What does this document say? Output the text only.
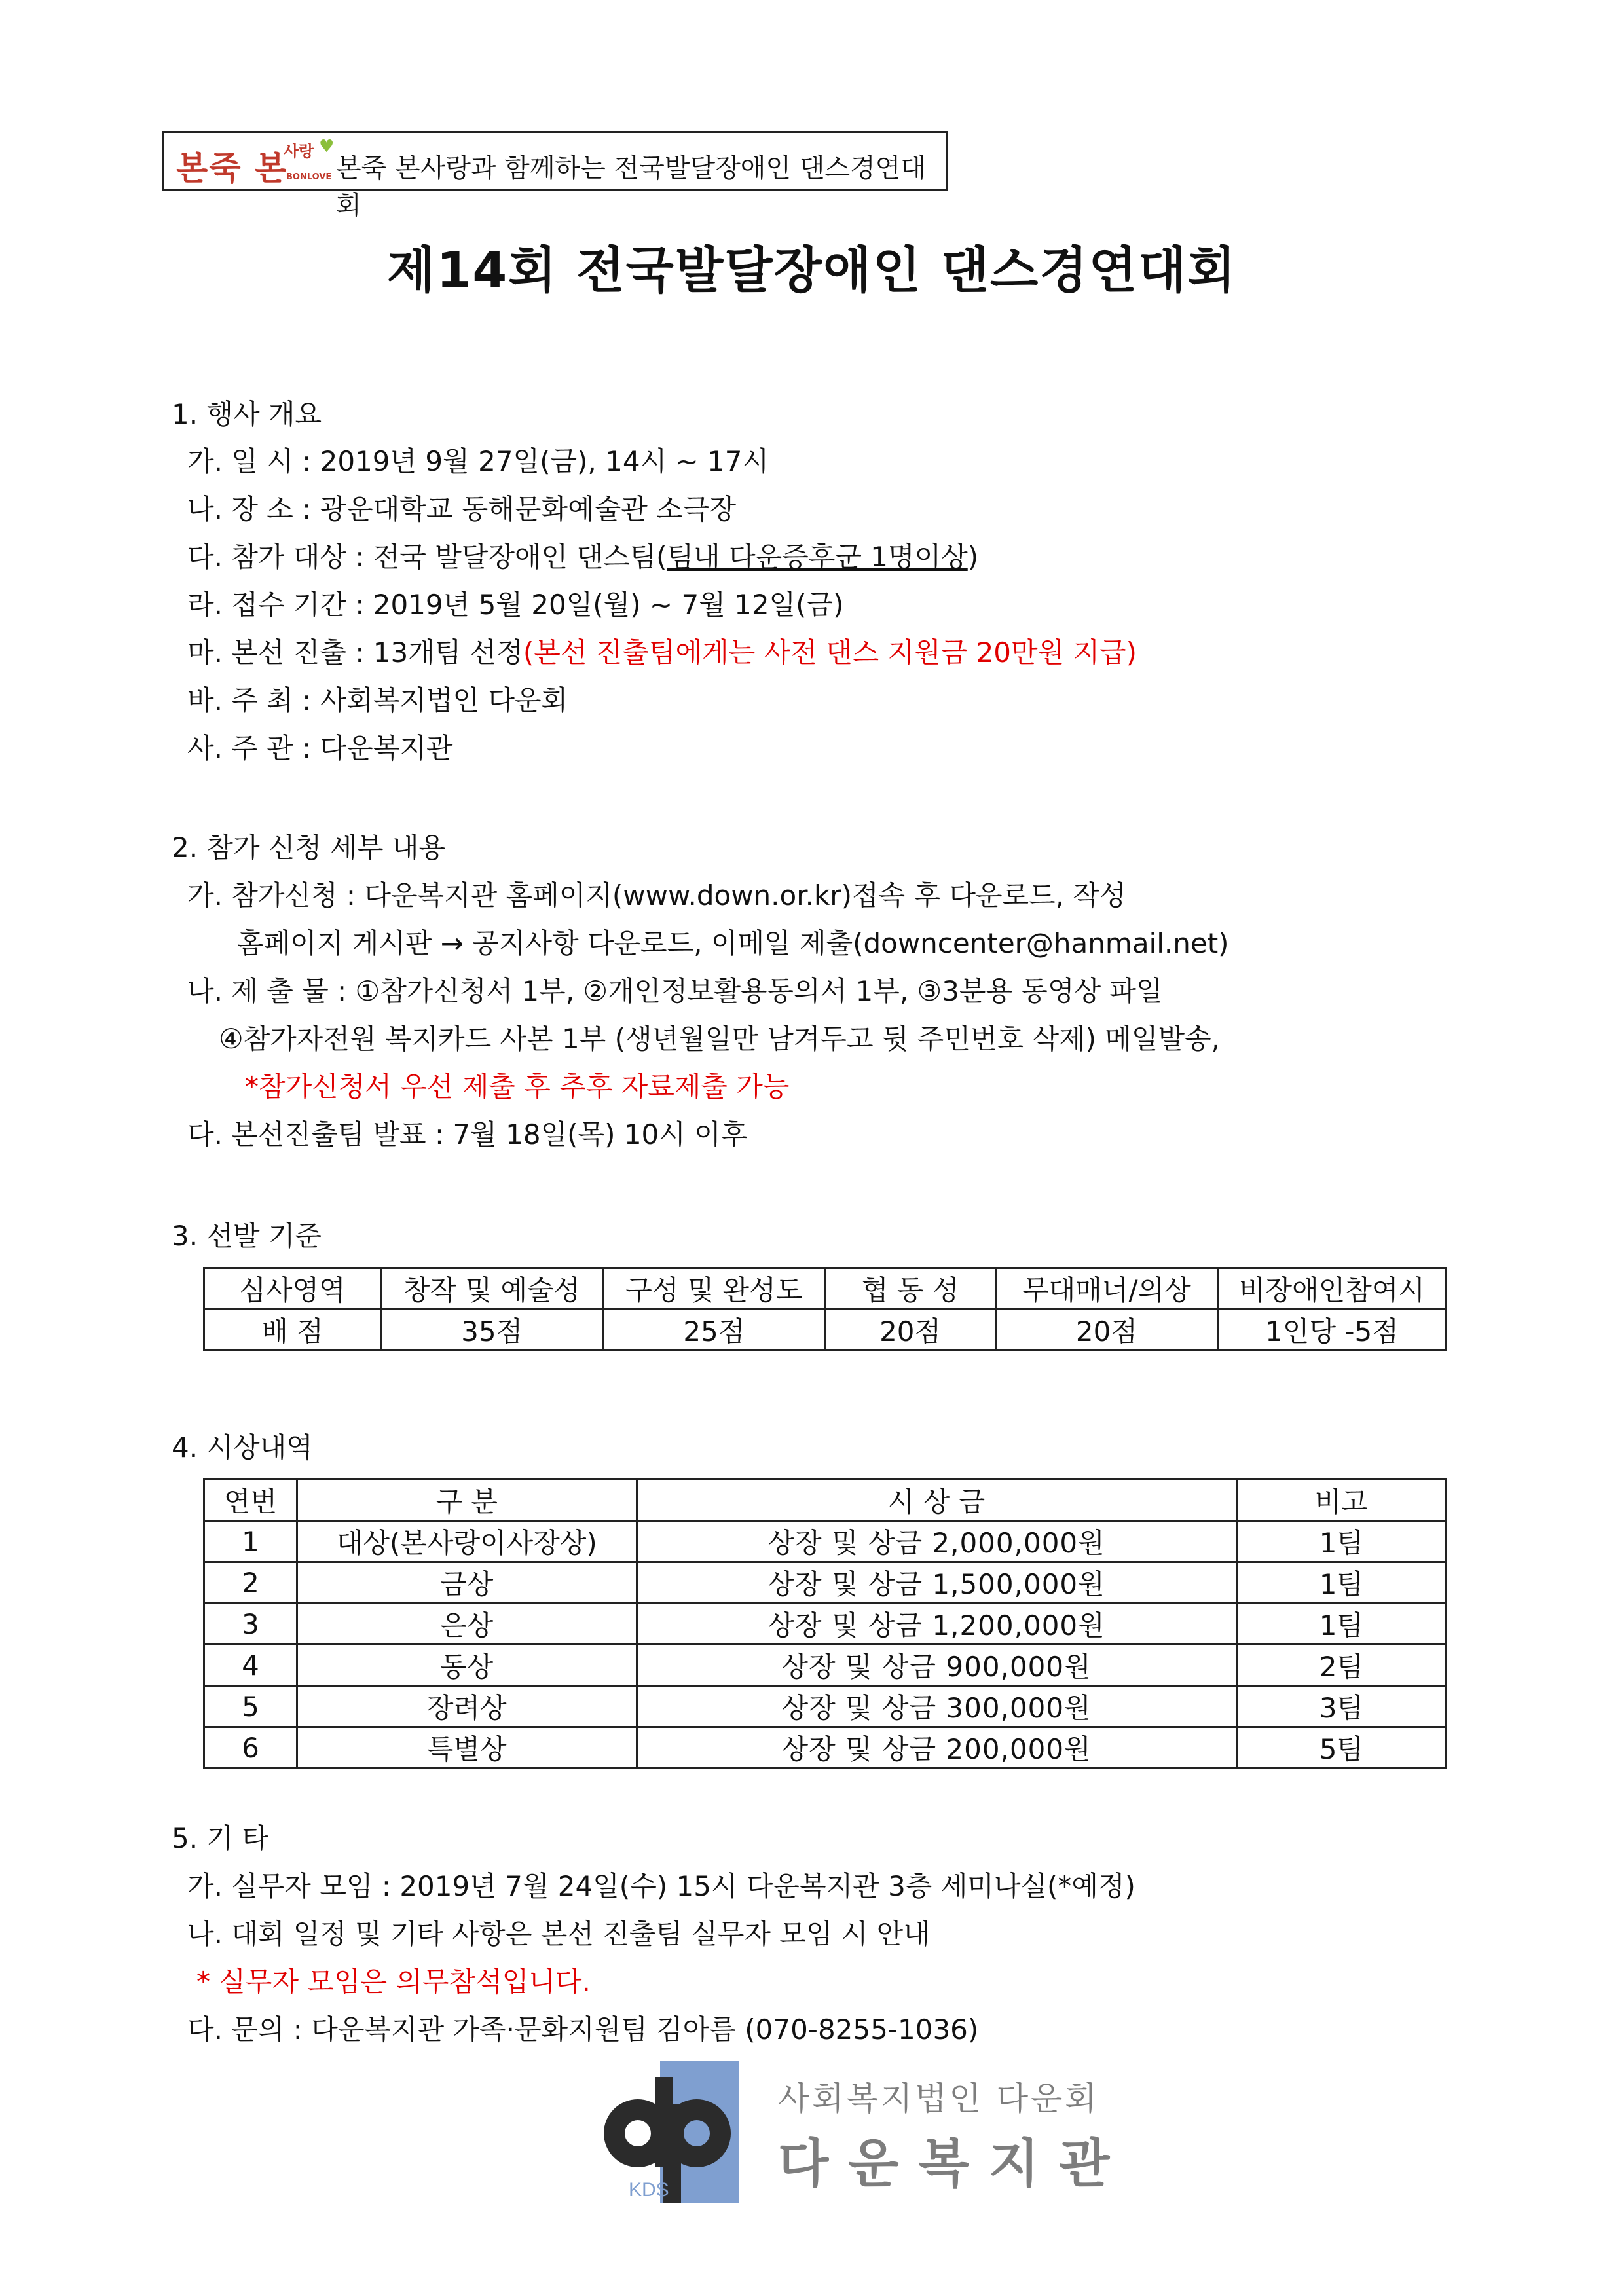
본죽 본
사랑 ♥
BONLOVE 본죽 본사랑과 함께하는 전국발달장애인 댄스경연대회
제14회 전국발달장애인 댄스경연대회
1. 행사 개요
가. 일 시 : 2019년 9월 27일(금), 14시 ~ 17시
나. 장 소 : 광운대학교 동해문화예술관 소극장
다. 참가 대상 : 전국 발달장애인 댄스팀(팀내 다운증후군 1명이상)
라. 접수 기간 : 2019년 5월 20일(월) ~ 7월 12일(금)
마. 본선 진출 : 13개팀 선정(본선 진출팀에게는 사전 댄스 지원금 20만원 지급)
바. 주 최 : 사회복지법인 다운회
사. 주 관 : 다운복지관
2. 참가 신청 세부 내용
가. 참가신청 : 다운복지관 홈페이지(www.down.or.kr)접속 후 다운로드, 작성
홈페이지 게시판 → 공지사항 다운로드, 이메일 제출(downcenter@hanmail.net)
나. 제 출 물 : ①참가신청서 1부, ②개인정보활용동의서 1부, ③3분용 동영상 파일
④참가자전원 복지카드 사본 1부 (생년월일만 남겨두고 뒷 주민번호 삭제) 메일발송,
*참가신청서 우선 제출 후 추후 자료제출 가능
다. 본선진출팀 발표 : 7월 18일(목) 10시 이후
3. 선발 기준
심사영역	창작 및 예술성	구성 및 완성도	협 동 성	무대매너/의상	비장애인참여시
배 점	35점	25점	20점	20점	1인당 -5점
4. 시상내역
연번	구 분	시 상 금	비고
1	대상(본사랑이사장상)	상장 및 상금 2,000,000원	1팀
2	금상	상장 및 상금 1,500,000원	1팀
3	은상	상장 및 상금 1,200,000원	1팀
4	동상	상장 및 상금 900,000원	2팀
5	장려상	상장 및 상금 300,000원	3팀
6	특별상	상장 및 상금 200,000원	5팀
5. 기 타
가. 실무자 모임 : 2019년 7월 24일(수) 15시 다운복지관 3층 세미나실(*예정)
나. 대회 일정 및 기타 사항은 본선 진출팀 실무자 모임 시 안내
* 실무자 모임은 의무참석입니다.
다. 문의 : 다운복지관 가족·문화지원팀 김아름 (070-8255-1036)
KDS
사회복지법인 다운회
다운복지관
